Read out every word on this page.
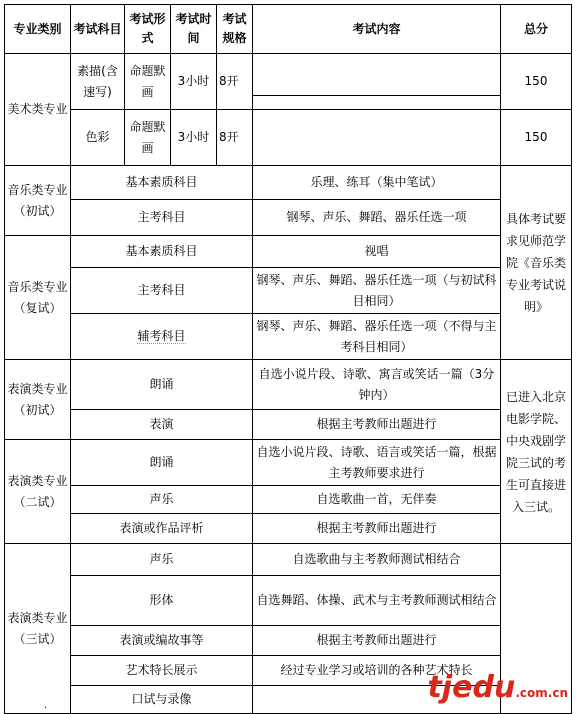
专业类别	考试科目	考试形式	考试时间	考试规格	考试内容	总分
美术类专业	素描(含速写)	命题默画	3小时	8开		150
	色彩	命题默画	3小时	8开		150
音乐类专业（初试）	基本素质科目				乐理、练耳（集中笔试）	具体考试要求见师范学院《音乐类专业考试说明》
	主考科目				钢琴、声乐、舞蹈、器乐任选一项	
音乐类专业（复试）	基本素质科目				视唱	
	主考科目				钢琴、声乐、舞蹈、器乐任选一项（与初试科目相同）	
	辅考科目				钢琴、声乐、舞蹈、器乐任选一项（不得与主考科目相同）	
表演类专业（初试）	朗诵				自选小说片段、诗歌、寓言或笑话一篇（3分钟内）	已进入北京电影学院、中央戏剧学院三试的考生可直接进入三试。
	表演				根据主考教师出题进行	
表演类专业（二试）	朗诵				自选小说片段、诗歌、语言或笑话一篇，根据主考教师要求进行	
	声乐				自选歌曲一首，无伴奏	
	表演或作品评析				根据主考教师出题进行	
表演类专业（三试）	声乐				自选歌曲与主考教师测试相结合	
	形体				自选舞蹈、体操、武术与主考教师测试相结合	
	表演或编故事等				根据主考教师出题进行	
	艺术特长展示				经过专业学习或培训的各种艺术特长	
	口试与录像						tjedu.com.cn
.
